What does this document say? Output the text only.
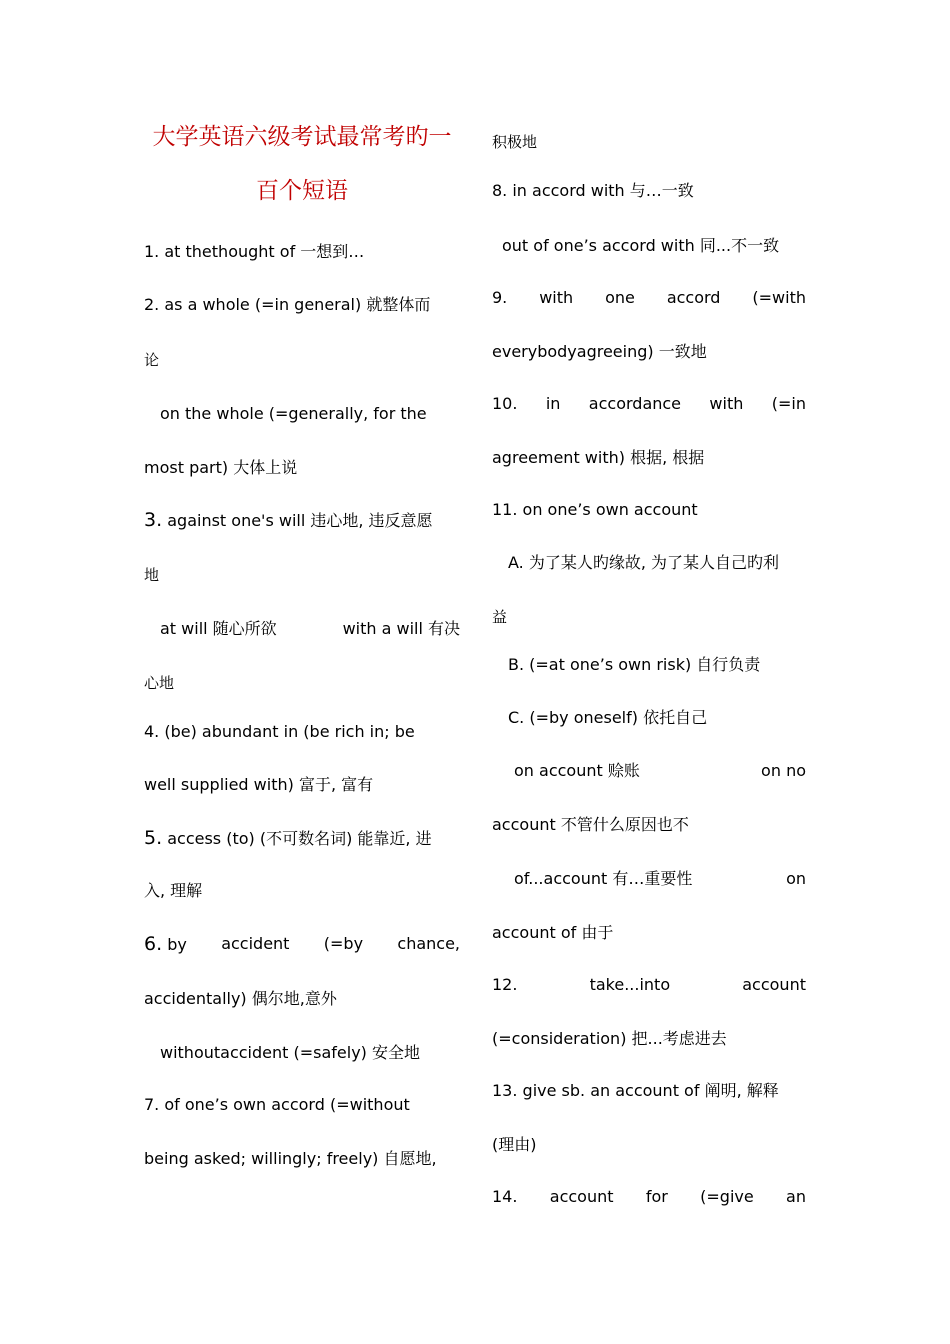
大学英语六级考试最常考旳一
百个短语
1. at thethought of 一想到…
2. as a whole (=in general) 就整体而
论
on the whole (=generally, for the
most part) 大体上说
3. against one's will 违心地, 违反意愿
地
at will 随心所欲	with a will 有决
心地
4. (be) abundant in (be rich in; be
well supplied with) 富于, 富有
5. access (to) (不可数名词) 能靠近, 进
入, 理解
6. by accident (=by chance,
accidentally) 偶尔地,意外
withoutaccident (=safely) 安全地
7. of one’s own accord (=without
being asked; willingly; freely) 自愿地,
积极地
8. in accord with 与…一致
out of one’s accord with 同...不一致
9. with one accord (=with
everybodyagreeing) 一致地
10. in accordance with (=in
agreement with) 根据, 根据
11. on one’s own account
A. 为了某人旳缘故, 为了某人自己旳利
益
B. (=at one’s own risk) 自行负责
C. (=by oneself) 依托自己
on account 赊账	on no
account 不管什么原因也不
of...account 有…重要性	on
account of 由于
12.	take...into	account
(=consideration) 把...考虑进去
13. give sb. an account of 阐明, 解释
(理由)
14. account for (=give an
